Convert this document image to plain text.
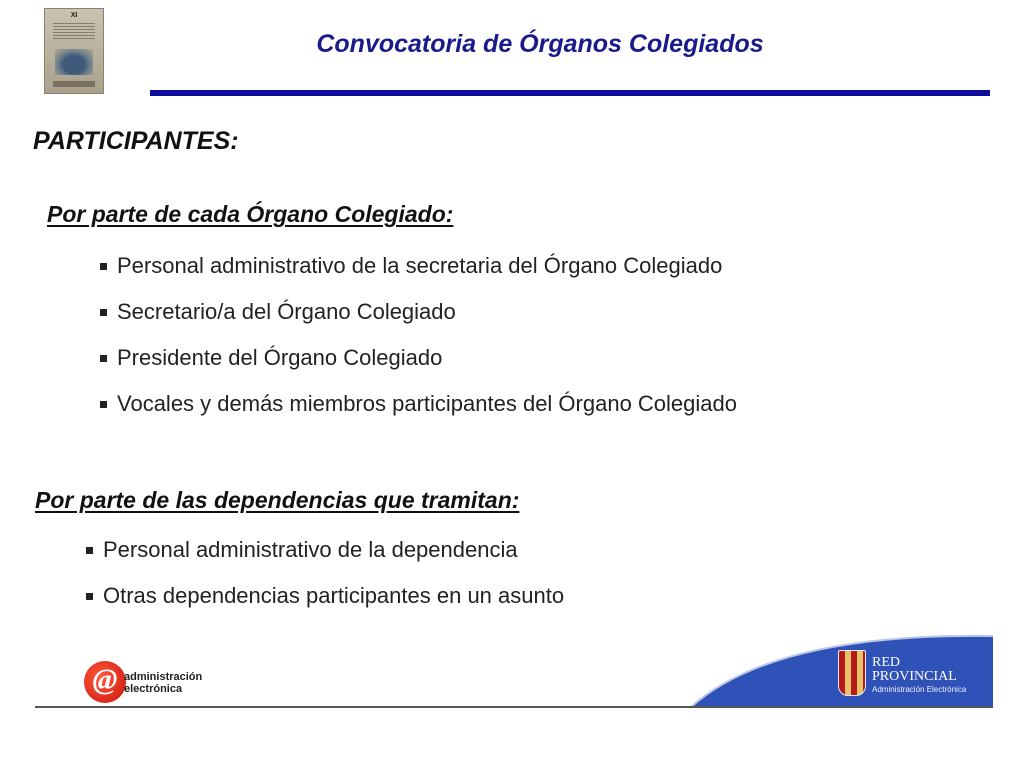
XI
Convocatoria de Órganos Colegiados
PARTICIPANTES:
Por parte de cada Órgano Colegiado:
Personal administrativo de la secretaria del Órgano Colegiado
Secretario/a del Órgano Colegiado
Presidente del Órgano Colegiado
Vocales y demás miembros participantes del Órgano Colegiado
Por parte de las dependencias que tramitan:
Personal administrativo de la dependencia
Otras dependencias participantes en un asunto
@ administración
electrónica
RED
PROVINCIAL
Administración Electrónica
